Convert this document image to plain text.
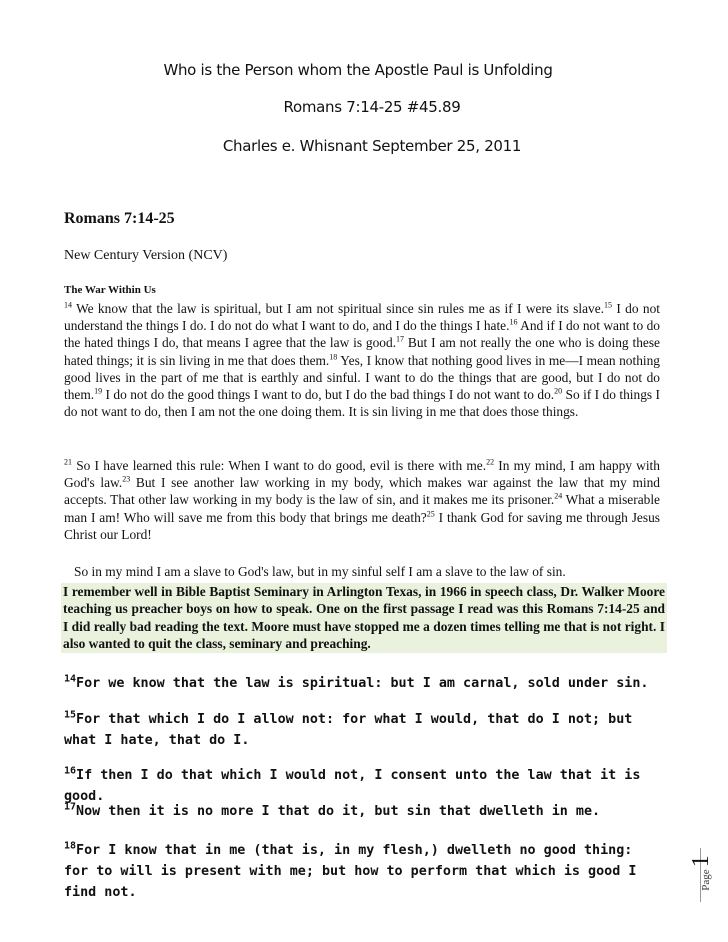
Who is the Person whom the Apostle Paul is Unfolding
Romans 7:14-25 #45.89
Charles e. Whisnant September 25, 2011
Romans 7:14-25
New Century Version (NCV)
The War Within Us
$^{14}$ We know that the law is spiritual, but I am not spiritual since sin rules me as if I were its slave.$^{15}$ I do not understand the things I do. I do not do what I want to do, and I do the things I hate.$^{16}$ And if I do not want to do the hated things I do, that means I agree that the law is good.$^{17}$ But I am not really the one who is doing these hated things; it is sin living in me that does them.$^{18}$ Yes, I know that nothing good lives in me—I mean nothing good lives in the part of me that is earthly and sinful. I want to do the things that are good, but I do not do them.$^{19}$ I do not do the good things I want to do, but I do the bad things I do not want to do.$^{20}$ So if I do things I do not want to do, then I am not the one doing them. It is sin living in me that does those things.
$^{21}$ So I have learned this rule: When I want to do good, evil is there with me.$^{22}$ In my mind, I am happy with God's law.$^{23}$ But I see another law working in my body, which makes war against the law that my mind accepts. That other law working in my body is the law of sin, and it makes me its prisoner.$^{24}$ What a miserable man I am! Who will save me from this body that brings me death?$^{25}$ I thank God for saving me through Jesus Christ our Lord!
So in my mind I am a slave to God's law, but in my sinful self I am a slave to the law of sin.
I remember well in Bible Baptist Seminary in Arlington Texas, in 1966 in speech class, Dr. Walker Moore teaching us preacher boys on how to speak. One on the first passage I read was this Romans 7:14-25 and I did really bad reading the text. Moore must have stopped me a dozen times telling me that is not right. I also wanted to quit the class, seminary and preaching.
$^{14}$For we know that the law is spiritual: but I am carnal, sold under sin.
$^{15}$For that which I do I allow not: for what I would, that do I not; but what I hate, that do I.
$^{16}$If then I do that which I would not, I consent unto the law that it is good.
$^{17}$Now then it is no more I that do it, but sin that dwelleth in me.
$^{18}$For I know that in me (that is, in my flesh,) dwelleth no good thing: for to will is present with me; but how to perform that which is good I find not.
Page
1
